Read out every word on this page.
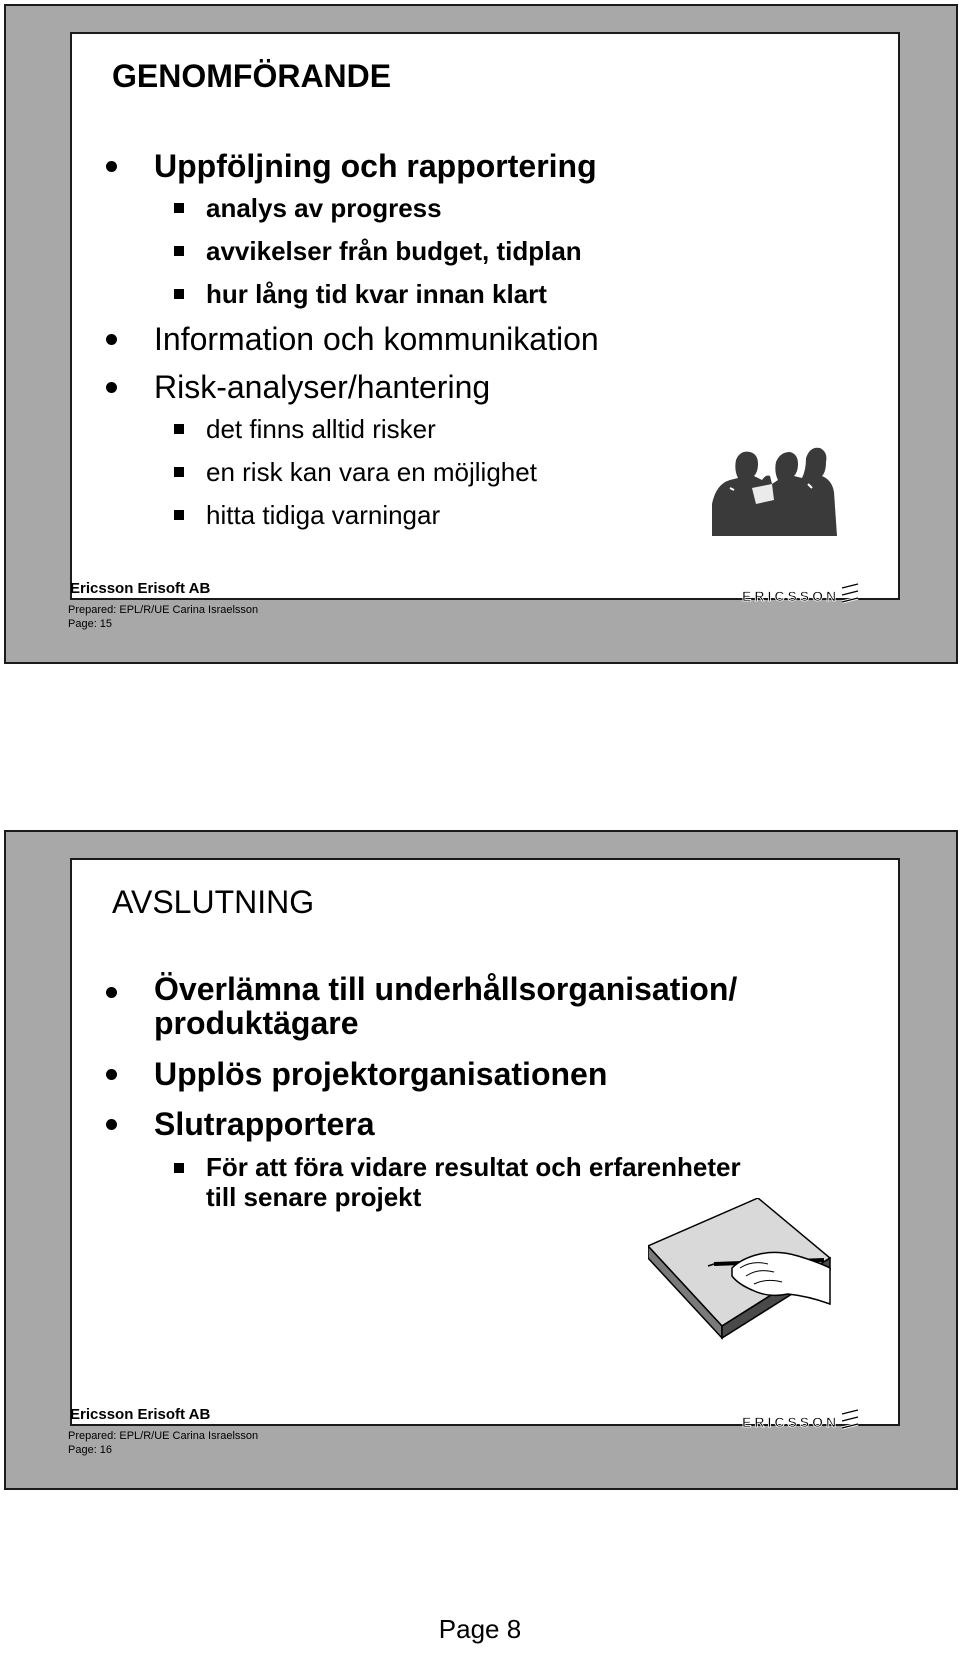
GENOMFÖRANDE
Uppföljning och rapportering
analys av progress
avvikelser från budget, tidplan
hur lång tid kvar innan klart
Information och kommunikation
Risk-analyser/hantering
det finns alltid risker
en risk kan vara en möjlighet
hitta tidiga varningar
Ericsson Erisoft AB
Prepared: EPL/R/UE Carina Israelsson
Page: 15
ERICSSON
AVSLUTNING
Överlämna till underhållsorganisation/ produktägare
Upplös projektorganisationen
Slutrapportera
För att föra vidare resultat och erfarenheter till senare projekt
Ericsson Erisoft AB
Prepared: EPL/R/UE Carina Israelsson
Page: 16
ERICSSON
Page 8
